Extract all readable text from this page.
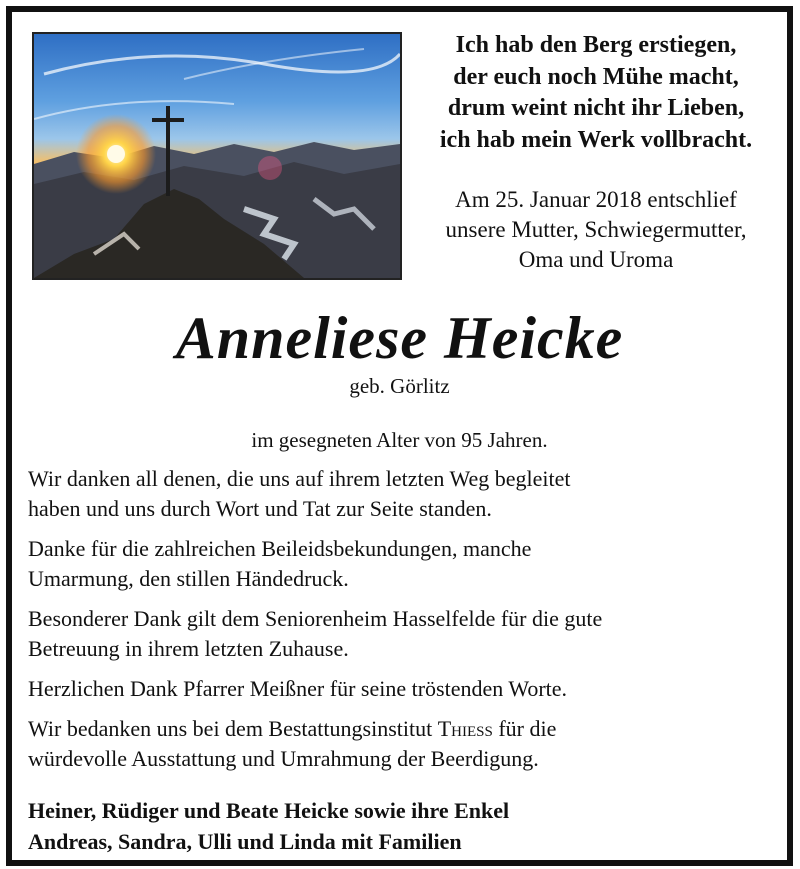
Ich hab den Berg erstiegen,
der euch noch Mühe macht,
drum weint nicht ihr Lieben,
ich hab mein Werk vollbracht.
Am 25. Januar 2018 entschlief
unsere Mutter, Schwiegermutter,
Oma und Uroma
Anneliese Heicke
geb. Görlitz
im gesegneten Alter von 95 Jahren.
Wir danken all denen, die uns auf ihrem letzten Weg begleitet
haben und uns durch Wort und Tat zur Seite standen.
Danke für die zahlreichen Beileidsbekundungen, manche
Umarmung, den stillen Händedruck.
Besonderer Dank gilt dem Seniorenheim Hasselfelde für die gute
Betreuung in ihrem letzten Zuhause.
Herzlichen Dank Pfarrer Meißner für seine tröstenden Worte.
Wir bedanken uns bei dem Bestattungsinstitut Thieß für die
würdevolle Ausstattung und Umrahmung der Beerdigung.
Heiner, Rüdiger und Beate Heicke sowie ihre Enkel
Andreas, Sandra, Ulli und Linda mit Familien
